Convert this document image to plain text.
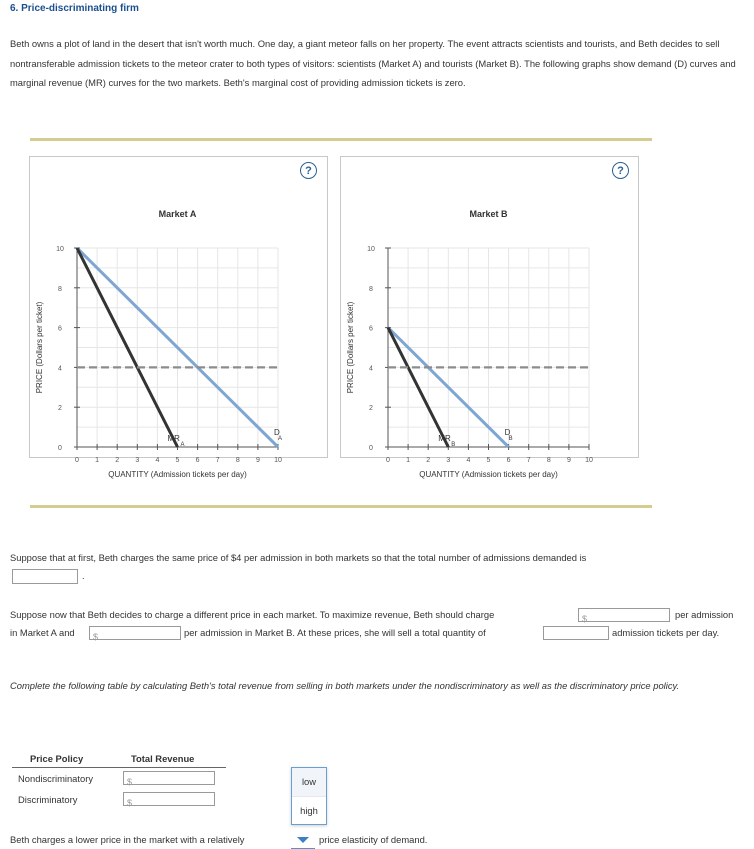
6. Price-discriminating firm
Beth owns a plot of land in the desert that isn't worth much. One day, a giant meteor falls on her property. The event attracts scientists and tourists, and Beth decides to sell nontransferable admission tickets to the meteor crater to both types of visitors: scientists (Market A) and tourists (Market B). The following graphs show demand (D) curves and marginal revenue (MR) curves for the two markets. Beth's marginal cost of providing admission tickets is zero.
?
Market A
0 1 2 3 4 5 6 7 8 9 10
0
2
4
6
8
10
QUANTITY (Admission tickets per day)
PRICE (Dollars per ticket)
D
A
MR
A
?
Market B
0 1 2 3 4 5 6 7 8 9 10
0
2
4
6
8
10
QUANTITY (Admission tickets per day)
PRICE (Dollars per ticket)
D
B
MR
B
Suppose that at first, Beth charges the same price of $4 per admission in both markets so that the total number of admissions demanded is
.
Suppose now that Beth decides to charge a different price in each market. To maximize revenue, Beth should charge	$	per admission
in Market A and	$	per admission in Market B. At these prices, she will sell a total quantity of	admission tickets per day.
Complete the following table by calculating Beth's total revenue from selling in both markets under the nondiscriminatory as well as the discriminatory price policy.
Price Policy	Total Revenue
Nondiscriminatory	$
Discriminatory	$
low
high
Beth charges a lower price in the market with a relatively	price elasticity of demand.
